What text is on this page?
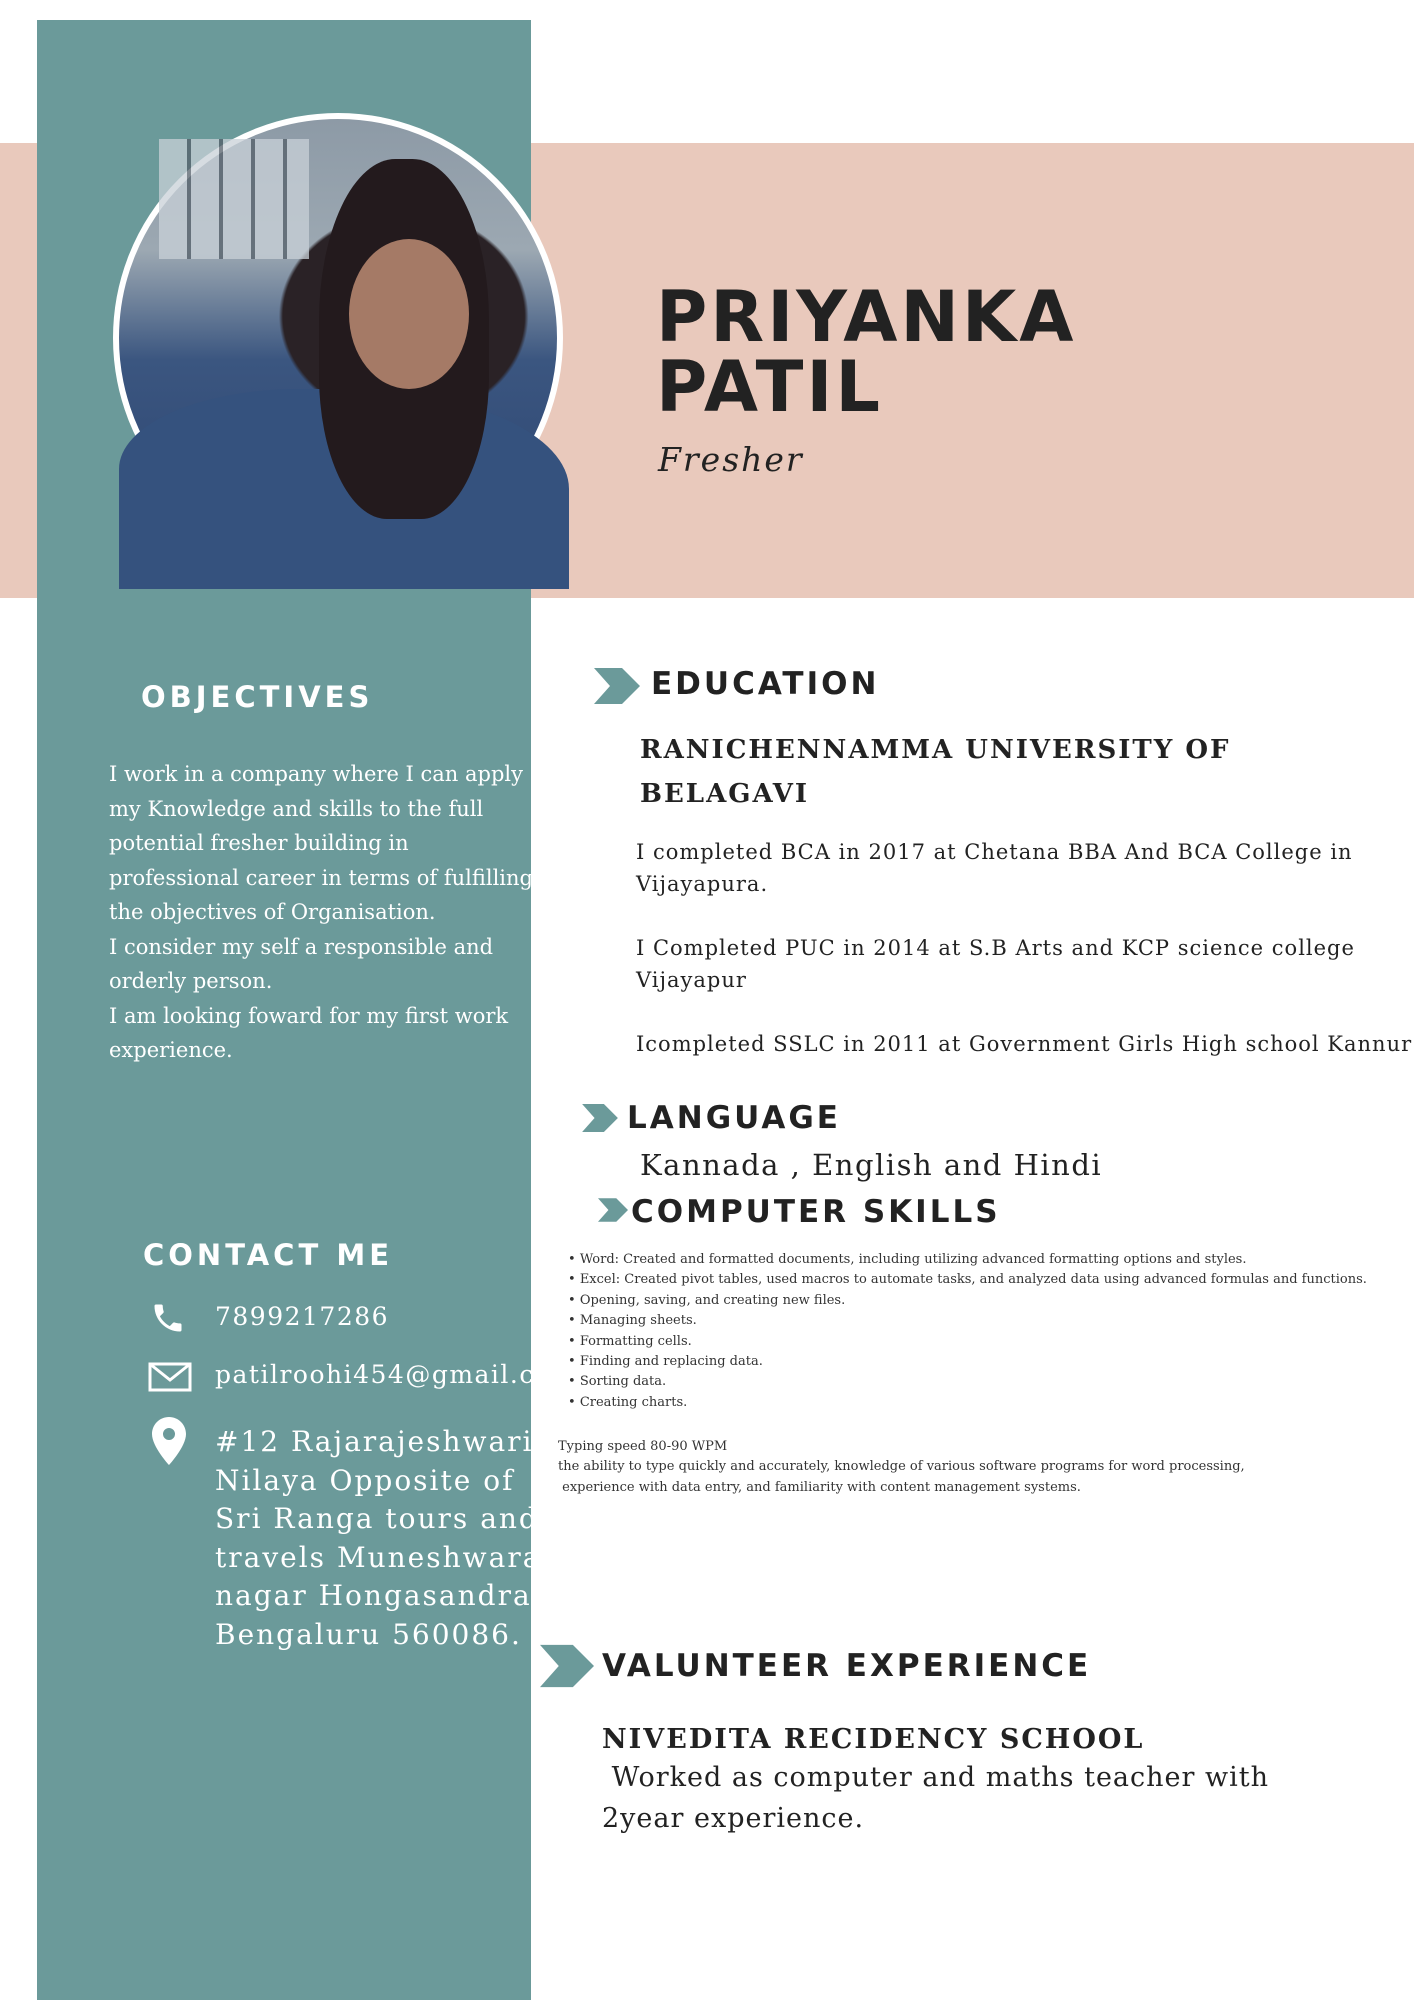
OBJECTIVES
I work in a company where I can apply
my Knowledge and skills to the full
potential fresher building in
professional career in terms of fulfilling
the objectives of Organisation.
I consider my self a responsible and
orderly person.
I am looking foward for my first work
experience.
CONTACT ME
7899217286
patilroohi454@gmail.com
#12 Rajarajeshwari
Nilaya Opposite of
Sri Ranga tours and
travels Muneshwara
nagar Hongasandra
Bengaluru 560086.
PRIYANKA
PATIL
Fresher
EDUCATION
RANICHENNAMMA UNIVERSITY OF
BELAGAVI
I completed BCA in 2017 at Chetana BBA And BCA College in
Vijayapura.
I Completed PUC in 2014 at S.B Arts and KCP science college
Vijayapur
Icompleted SSLC in 2011 at Government Girls High school Kannur
LANGUAGE
Kannada , English and Hindi
COMPUTER SKILLS
• Word: Created and formatted documents, including utilizing advanced formatting options and styles.
• Excel: Created pivot tables, used macros to automate tasks, and analyzed data using advanced formulas and functions.
• Opening, saving, and creating new files.
• Managing sheets.
• Formatting cells.
• Finding and replacing data.
• Sorting data.
• Creating charts.
Typing speed 80-90 WPM
the ability to type quickly and accurately, knowledge of various software programs for word processing,
experience with data entry, and familiarity with content management systems.
VALUNTEER EXPERIENCE
NIVEDITA RECIDENCY SCHOOL
Worked as computer and maths teacher with
2year experience.
